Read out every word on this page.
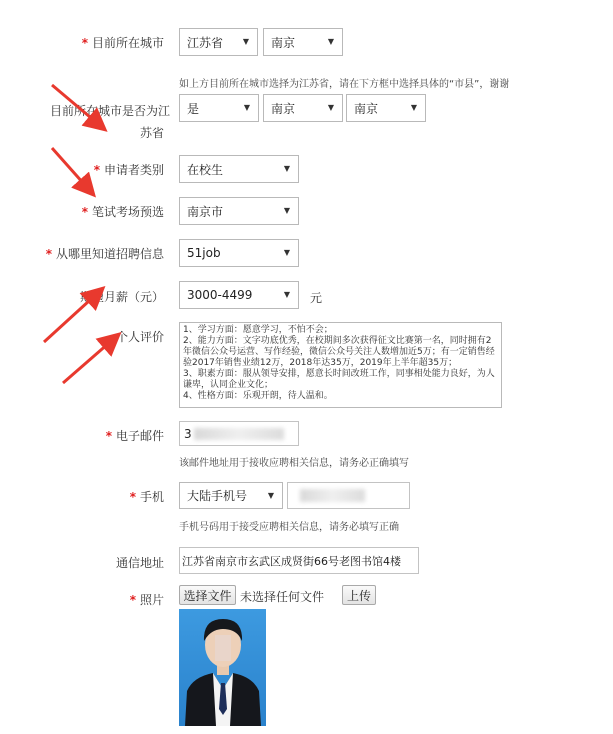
* 目前所在城市 江苏省 ▼ 南京	▼
如上方目前所在城市选择为江苏省，请在下方框中选择具体的“市县”，谢谢
目前所在城市是否为江
苏省
是	▼ 南京	▼ 南京	▼
* 申请者类别 在校生	▼
* 笔试考场预选 南京市	▼
* 从哪里知道招聘信息 51job	▼
期望月薪（元） 3000-4499	▼ 元
个人评价
1、学习方面：愿意学习，不怕不会； 2、能力方面：文字功底优秀，在校期间多次获得征文比赛第一名，同时拥有2年微信公众号运营、写作经验，微信公众号关注人数增加近5万；有一定销售经验2017年销售业绩12万，2018年达35万，2019年上半年超35万； 3、职素方面：服从领导安排，愿意长时间改班工作，同事相处能力良好，为人谦卑，认同企业文化； 4、性格方面：乐观开朗，待人温和。
* 电子邮件 3
该邮件地址用于接收应聘相关信息，请务必正确填写
* 手机 大陆手机号	▼
手机号码用于接受应聘相关信息，请务必填写正确
通信地址 江苏省南京市玄武区成贤街66号老图书馆4楼
* 照片	选择文件 未选择任何文件	上传
